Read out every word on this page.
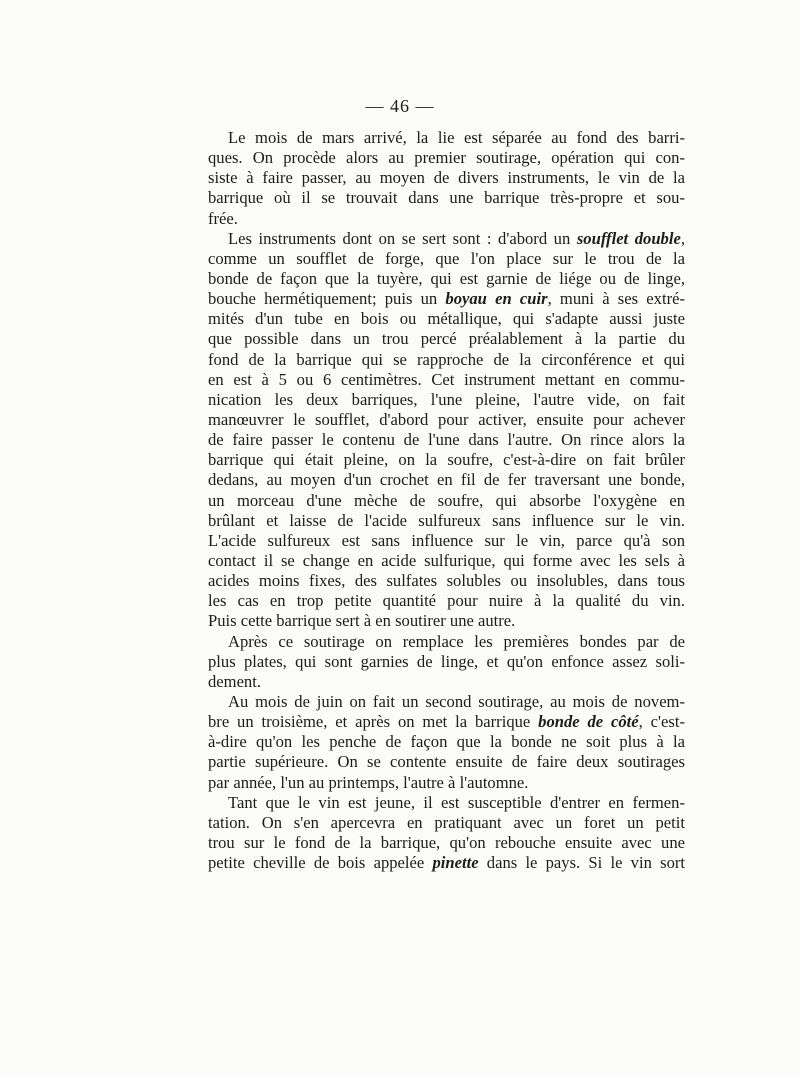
— 46 —
Le mois de mars arrivé, la lie est séparée au fond des barri-
ques. On procède alors au premier soutirage, opération qui con-
siste à faire passer, au moyen de divers instruments, le vin de la
barrique où il se trouvait dans une barrique très-propre et sou-
frée.
Les instruments dont on se sert sont : d'abord un soufflet double,
comme un soufflet de forge, que l'on place sur le trou de la
bonde de façon que la tuyère, qui est garnie de liége ou de linge,
bouche hermétiquement; puis un boyau en cuir, muni à ses extré-
mités d'un tube en bois ou métallique, qui s'adapte aussi juste
que possible dans un trou percé préalablement à la partie du
fond de la barrique qui se rapproche de la circonférence et qui
en est à 5 ou 6 centimètres. Cet instrument mettant en commu-
nication les deux barriques, l'une pleine, l'autre vide, on fait
manœuvrer le soufflet, d'abord pour activer, ensuite pour achever
de faire passer le contenu de l'une dans l'autre. On rince alors la
barrique qui était pleine, on la soufre, c'est-à-dire on fait brûler
dedans, au moyen d'un crochet en fil de fer traversant une bonde,
un morceau d'une mèche de soufre, qui absorbe l'oxygène en
brûlant et laisse de l'acide sulfureux sans influence sur le vin.
L'acide sulfureux est sans influence sur le vin, parce qu'à son
contact il se change en acide sulfurique, qui forme avec les sels à
acides moins fixes, des sulfates solubles ou insolubles, dans tous
les cas en trop petite quantité pour nuire à la qualité du vin.
Puis cette barrique sert à en soutirer une autre.
Après ce soutirage on remplace les premières bondes par de
plus plates, qui sont garnies de linge, et qu'on enfonce assez soli-
dement.
Au mois de juin on fait un second soutirage, au mois de novem-
bre un troisième, et après on met la barrique bonde de côté, c'est-
à-dire qu'on les penche de façon que la bonde ne soit plus à la
partie supérieure. On se contente ensuite de faire deux soutirages
par année, l'un au printemps, l'autre à l'automne.
Tant que le vin est jeune, il est susceptible d'entrer en fermen-
tation. On s'en apercevra en pratiquant avec un foret un petit
trou sur le fond de la barrique, qu'on rebouche ensuite avec une
petite cheville de bois appelée pinette dans le pays. Si le vin sort
